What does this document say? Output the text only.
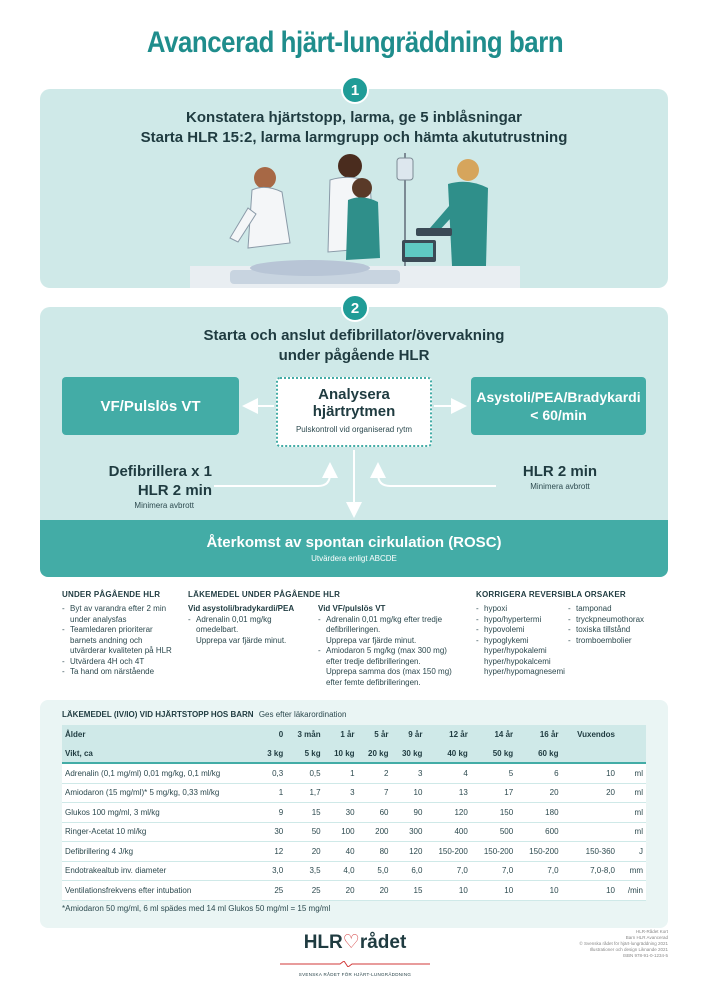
Avancerad hjärt-lungräddning barn
1
Konstatera hjärtstopp, larma, ge 5 inblåsningar
Starta HLR 15:2, larma larmgrupp och hämta akututrustning
2
Starta och anslut defibrillator/övervakning
under pågående HLR
Analysera
hjärtrytmen
Pulskontroll vid organiserad rytm
VF/Pulslös VT
Asystoli/PEA/Bradykardi
< 60/min
Defibrillera x 1
HLR 2 min
Minimera avbrott
HLR 2 min
Minimera avbrott
Återkomst av spontan cirkulation (ROSC)
Utvärdera enligt ABCDE
UNDER PÅGÅENDE HLR
- Byt av varandra efter 2 min under analysfas
- Teamledaren prioriterar barnets andning och utvärderar kvaliteten på HLR
- Utvärdera 4H och 4T
- Ta hand om närstående
LÄKEMEDEL UNDER PÅGÅENDE HLR
Vid asystoli/bradykardi/PEA
- Adrenalin 0,01 mg/kg omedelbart.
Upprepa var fjärde minut.
Vid VF/pulslös VT
- Adrenalin 0,01 mg/kg efter tredje defibrilleringen.
Upprepa var fjärde minut.
- Amiodaron 5 mg/kg (max 300 mg) efter tredje defibrilleringen.
Upprepa samma dos (max 150 mg) efter femte defibrilleringen.
KORRIGERA REVERSIBLA ORSAKER
- hypoxi
- hypo/hypertermi
- hypovolemi
- hypoglykemi
hyper/hypokalemi
hyper/hypokalcemi
hyper/hypomagnesemi
- tamponad
- tryckpneumothorax
- toxiska tillstånd
- tromboembolier
LÄKEMEDEL (IV/IO) VID HJÄRTSTOPP HOS BARN Ges efter läkarordination
Ålder	0	3 mån	1 år	5 år	9 år	12 år	14 år	16 år	Vuxendos	
Vikt, ca	3 kg	5 kg	10 kg	20 kg	30 kg	40 kg	50 kg	60 kg		
Adrenalin (0,1 mg/ml) 0,01 mg/kg, 0,1 ml/kg	0,3	0,5	1	2	3	4	5	6	10	ml
Amiodaron (15 mg/ml)* 5 mg/kg, 0,33 ml/kg	1	1,7	3	7	10	13	17	20	20	ml
Glukos 100 mg/ml, 3 ml/kg	9	15	30	60	90	120	150	180		ml
Ringer-Acetat 10 ml/kg	30	50	100	200	300	400	500	600		ml
Defibrillering 4 J/kg	12	20	40	80	120	150-200	150-200	150-200	150-360	J
Endotrakealtub inv. diameter	3,0	3,5	4,0	5,0	6,0	7,0	7,0	7,0	7,0-8,0	mm
Ventilationsfrekvens efter intubation	25	25	20	20	15	10	10	10	10	/min
*Amiodaron 50 mg/ml, 6 ml spädes med 14 ml Glukos 50 mg/ml = 15 mg/ml
HLR♡rådet
SVENSKA RÅDET FÖR HJÄRT-LUNGRÄDDNING
HLR-Rådet Kort
Barn HLR Avancerad
© Svenska rådet för hjärt-lungräddning 2021
Illustrationer och design Liknande 2021
ISBN 978-91-0-1234-5
